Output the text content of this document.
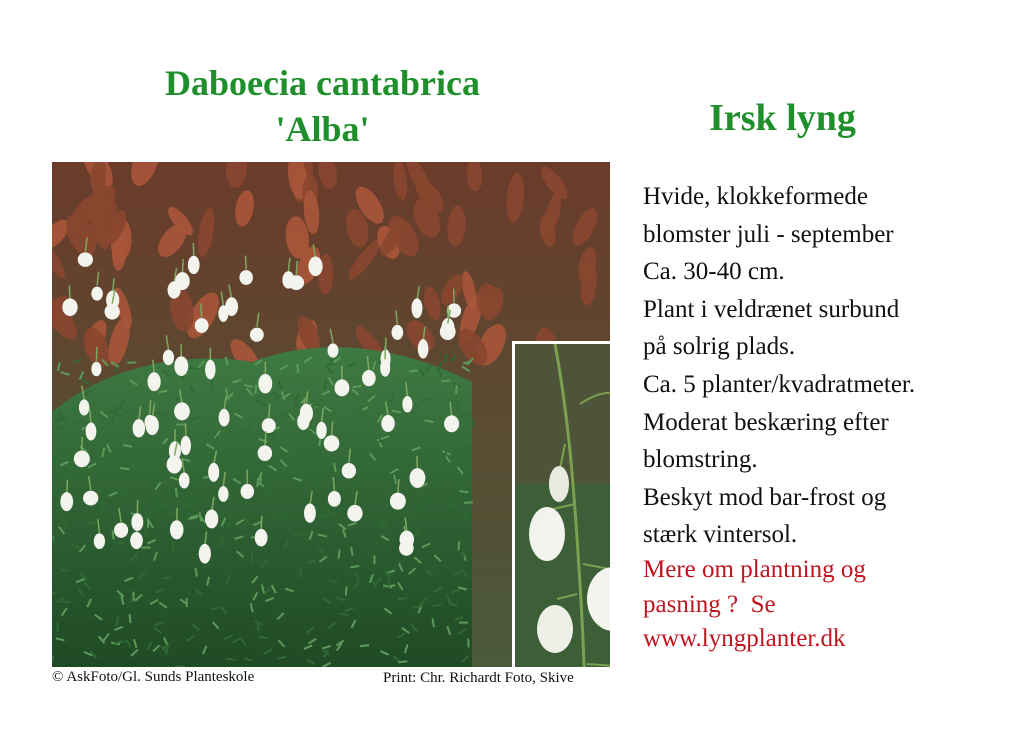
Daboecia cantabrica
'Alba'	Irsk lyng
© AskFoto/Gl. Sunds Planteskole	Print: Chr. Richardt Foto, Skive
Hvide, klokkeformede
blomster juli - september
Ca. 30-40 cm.
Plant i veldrænet surbund
på solrig plads.
Ca. 5 planter/kvadratmeter.
Moderat beskæring efter
blomstring.
Beskyt mod bar-frost og
stærk vintersol.
Mere om plantning og
pasning ?  Se
www.lyngplanter.dk
